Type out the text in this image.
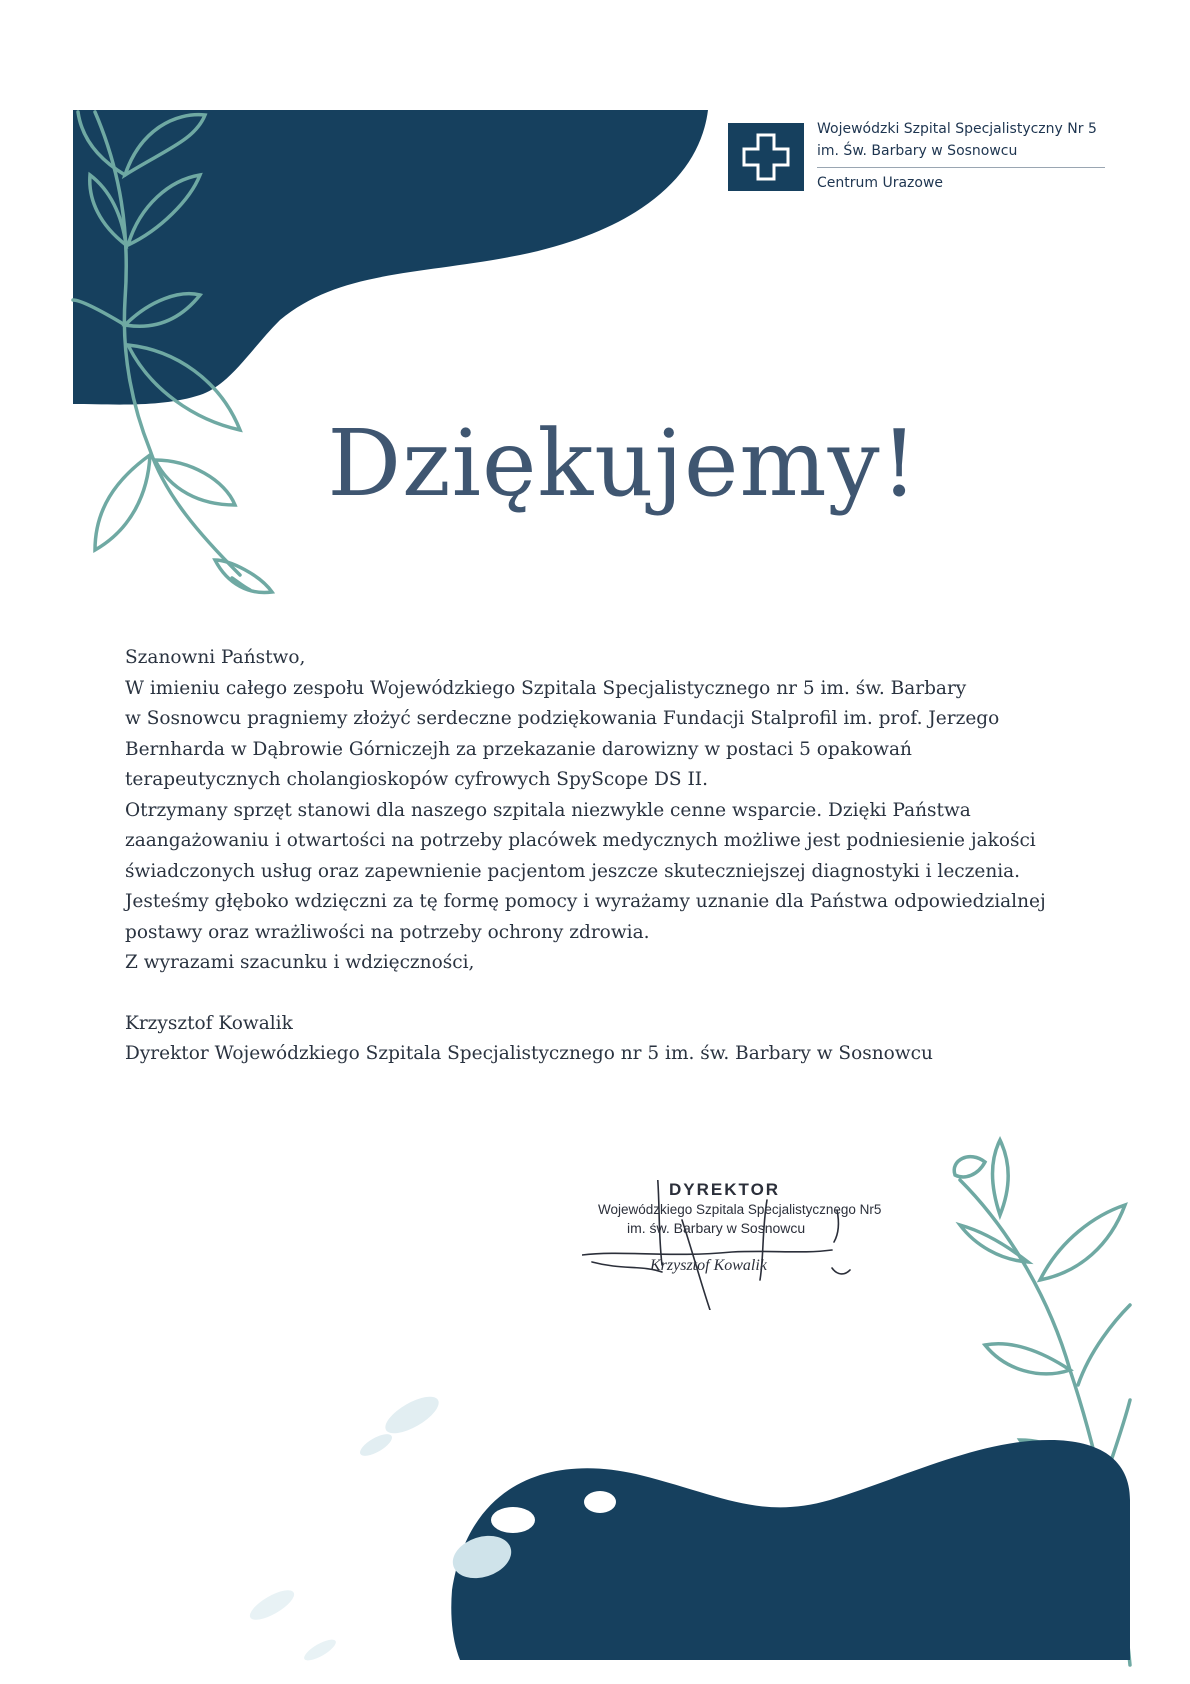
Wojewódzki Szpital Specjalistyczny Nr 5
im. Św. Barbary w Sosnowcu
Centrum Urazowe
Dziękujemy!

Szanowni Państwo,

W imieniu całego zespołu Wojewódzkiego Szpitala Specjalistycznego nr 5 im. św. Barbary

w Sosnowcu pragniemy złożyć serdeczne podziękowania Fundacji Stalprofil im. prof. Jerzego

Bernharda w Dąbrowie Górniczejh za przekazanie darowizny w postaci 5 opakowań

terapeutycznych cholangioskopów cyfrowych SpyScope DS II.

Otrzymany sprzęt stanowi dla naszego szpitala niezwykle cenne wsparcie. Dzięki Państwa

zaangażowaniu i otwartości na potrzeby placówek medycznych możliwe jest podniesienie jakości

świadczonych usług oraz zapewnienie pacjentom jeszcze skuteczniejszej diagnostyki i leczenia.

Jesteśmy głęboko wdzięczni za tę formę pomocy i wyrażamy uznanie dla Państwa odpowiedzialnej

postawy oraz wrażliwości na potrzeby ochrony zdrowia.

Z wyrazami szacunku i wdzięczności,

Krzysztof Kowalik

Dyrektor Wojewódzkiego Szpitala Specjalistycznego nr 5 im. św. Barbary w Sosnowcu

DYREKTOR
Wojewódzkiego Szpitala Specjalistycznego Nr5
im. św. Barbary w Sosnowcu
Krzysztof Kowalik
